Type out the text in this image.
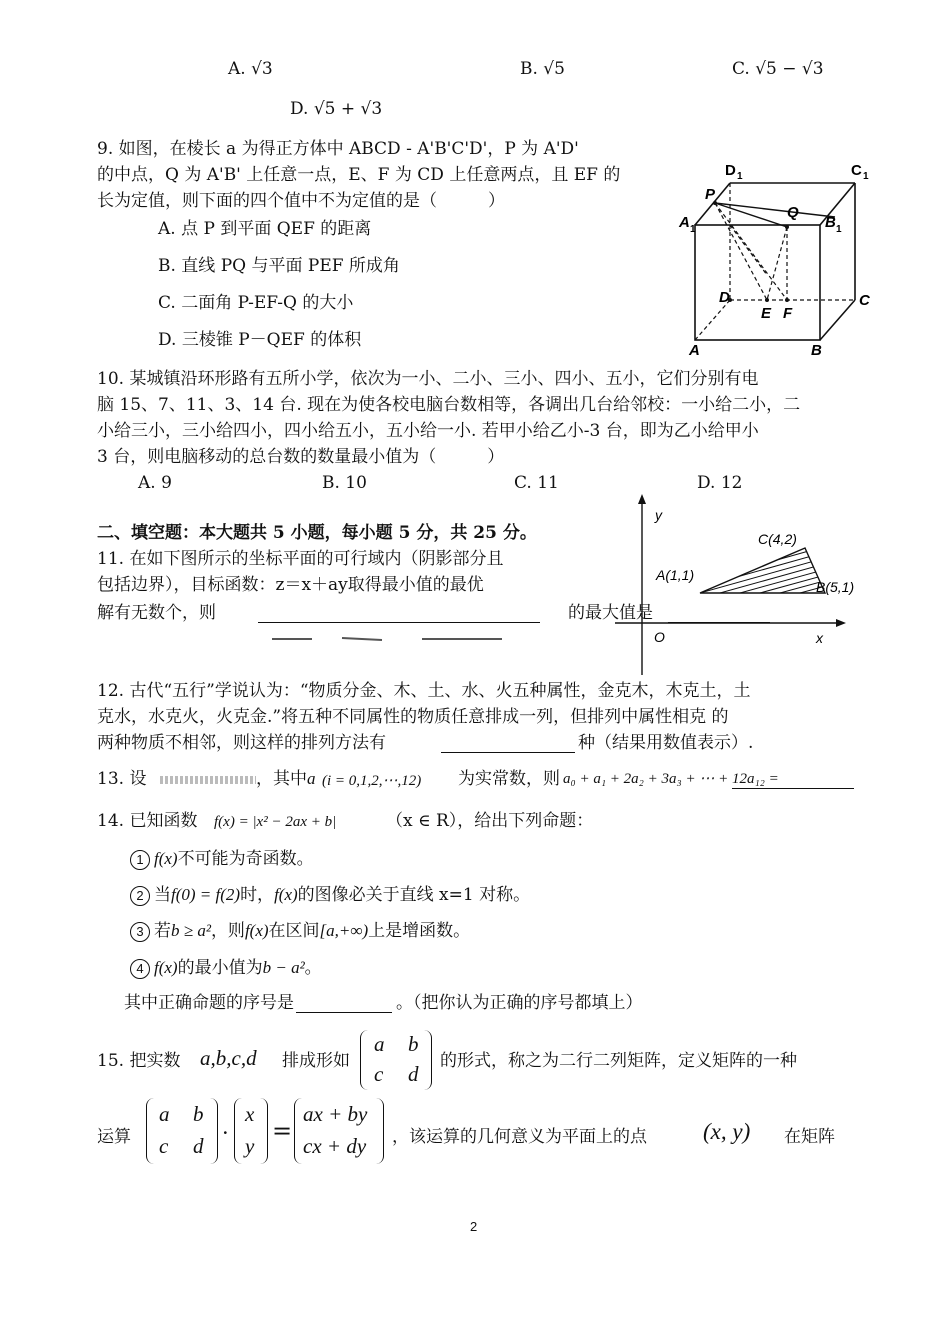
A. √3	B. √5	C. √5 − √3
D. √5 + √3
9. 如图，在棱长 a 为得正方体中 ABCD - A'B'C'D'，P 为 A'D'
的中点，Q 为 A'B' 上任意一点，E、F 为 CD 上任意两点，且 EF 的
长为定值，则下面的四个值中不为定值的是（　　　）
A. 点 P 到平面 QEF 的距离
B. 直线 PQ 与平面 PEF 所成角
C. 二面角 P-EF-Q 的大小
D. 三棱锥 P－QEF 的体积
D 1	C 1
A 1	B 1
P
Q
D	C
E F
A	B
10. 某城镇沿环形路有五所小学，依次为一小、二小、三小、四小、五小，它们分别有电
脑 15、7、11、3、14 台. 现在为使各校电脑台数相等，各调出几台给邻校：一小给二小，二
小给三小，三小给四小，四小给五小，五小给一小. 若甲小给乙小-3 台，即为乙小给甲小
3 台，则电脑移动的总台数的数量最小值为（　　　）
A. 9	B. 10	C. 11	D. 12
二、填空题：本大题共 5 小题，每小题 5 分，共 25 分。
11. 在如下图所示的坐标平面的可行域内（阴影部分且
包括边界），目标函数：z＝x＋ay取得最小值的最优
解有无数个，则	的最大值是
y
x
O
A(1,1)
B(5,1)
C(4,2)
12. 古代“五行”学说认为：“物质分金、木、土、水、火五种属性，金克木，木克土，土
克水，水克火，火克金.”将五种不同属性的物质任意排成一列，但排列中属性相克 的
两种物质不相邻，则这样的排列方法有	种（结果用数值表示）.
13. 设	，其中 a (i = 0,1,2,⋯,12) 为实常数，则 a₀ + a₁ + 2a₂ + 3a₃ + ⋯ + 12a₁₂ =
14. 已知函数 f(x) = |x² − 2ax + b|	（x ∈ R），给出下列命题：
1 f(x)不可能为奇函数。
2 当f(0) = f(2)时，f(x)的图像必关于直线 x=1 对称。
3 若b ≥ a²，则f(x)在区间[a,+∞)上是增函数。
4 f(x)的最小值为b − a²。
其中正确命题的序号是	。（把你认为正确的序号都填上）
15. 把实数 a,b,c,d 排成形如
a b
c d
的形式，称之为二行二列矩阵，定义矩阵的一种
运算
a b
c d
·
x
y
=
ax + by
cx + dy ，该运算的几何意义为平面上的点 (x, y) 在矩阵
2
